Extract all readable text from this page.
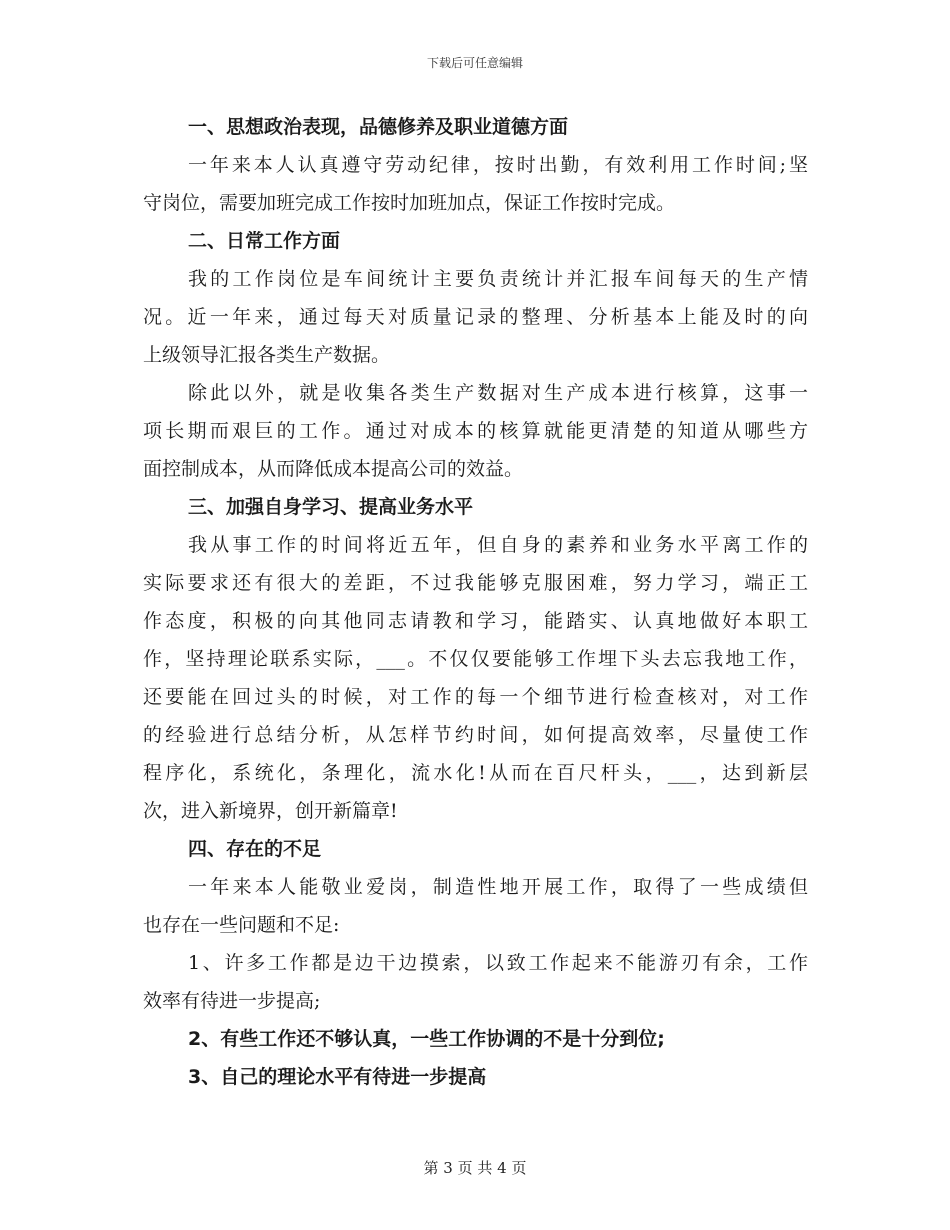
下载后可任意编辑
一、思想政治表现，品德修养及职业道德方面
一年来本人认真遵守劳动纪律，按时出勤，有效利用工作时间;坚
守岗位，需要加班完成工作按时加班加点，保证工作按时完成。
二、日常工作方面
我的工作岗位是车间统计主要负责统计并汇报车间每天的生产情
况。近一年来，通过每天对质量记录的整理、分析基本上能及时的向
上级领导汇报各类生产数据。
除此以外，就是收集各类生产数据对生产成本进行核算，这事一
项长期而艰巨的工作。通过对成本的核算就能更清楚的知道从哪些方
面控制成本，从而降低成本提高公司的效益。
三、加强自身学习、提高业务水平
我从事工作的时间将近五年，但自身的素养和业务水平离工作的
实际要求还有很大的差距，不过我能够克服困难，努力学习，端正工
作态度，积极的向其他同志请教和学习，能踏实、认真地做好本职工
作，坚持理论联系实际，___。不仅仅要能够工作埋下头去忘我地工作，
还要能在回过头的时候，对工作的每一个细节进行检查核对，对工作
的经验进行总结分析，从怎样节约时间，如何提高效率，尽量使工作
程序化，系统化，条理化，流水化!从而在百尺杆头，___，达到新层
次，进入新境界，创开新篇章!
四、存在的不足
一年来本人能敬业爱岗，制造性地开展工作，取得了一些成绩但
也存在一些问题和不足:
1、许多工作都是边干边摸索，以致工作起来不能游刃有余，工作
效率有待进一步提高;
2、有些工作还不够认真，一些工作协调的不是十分到位;
3、自己的理论水平有待进一步提高
第 3 页 共 4 页
